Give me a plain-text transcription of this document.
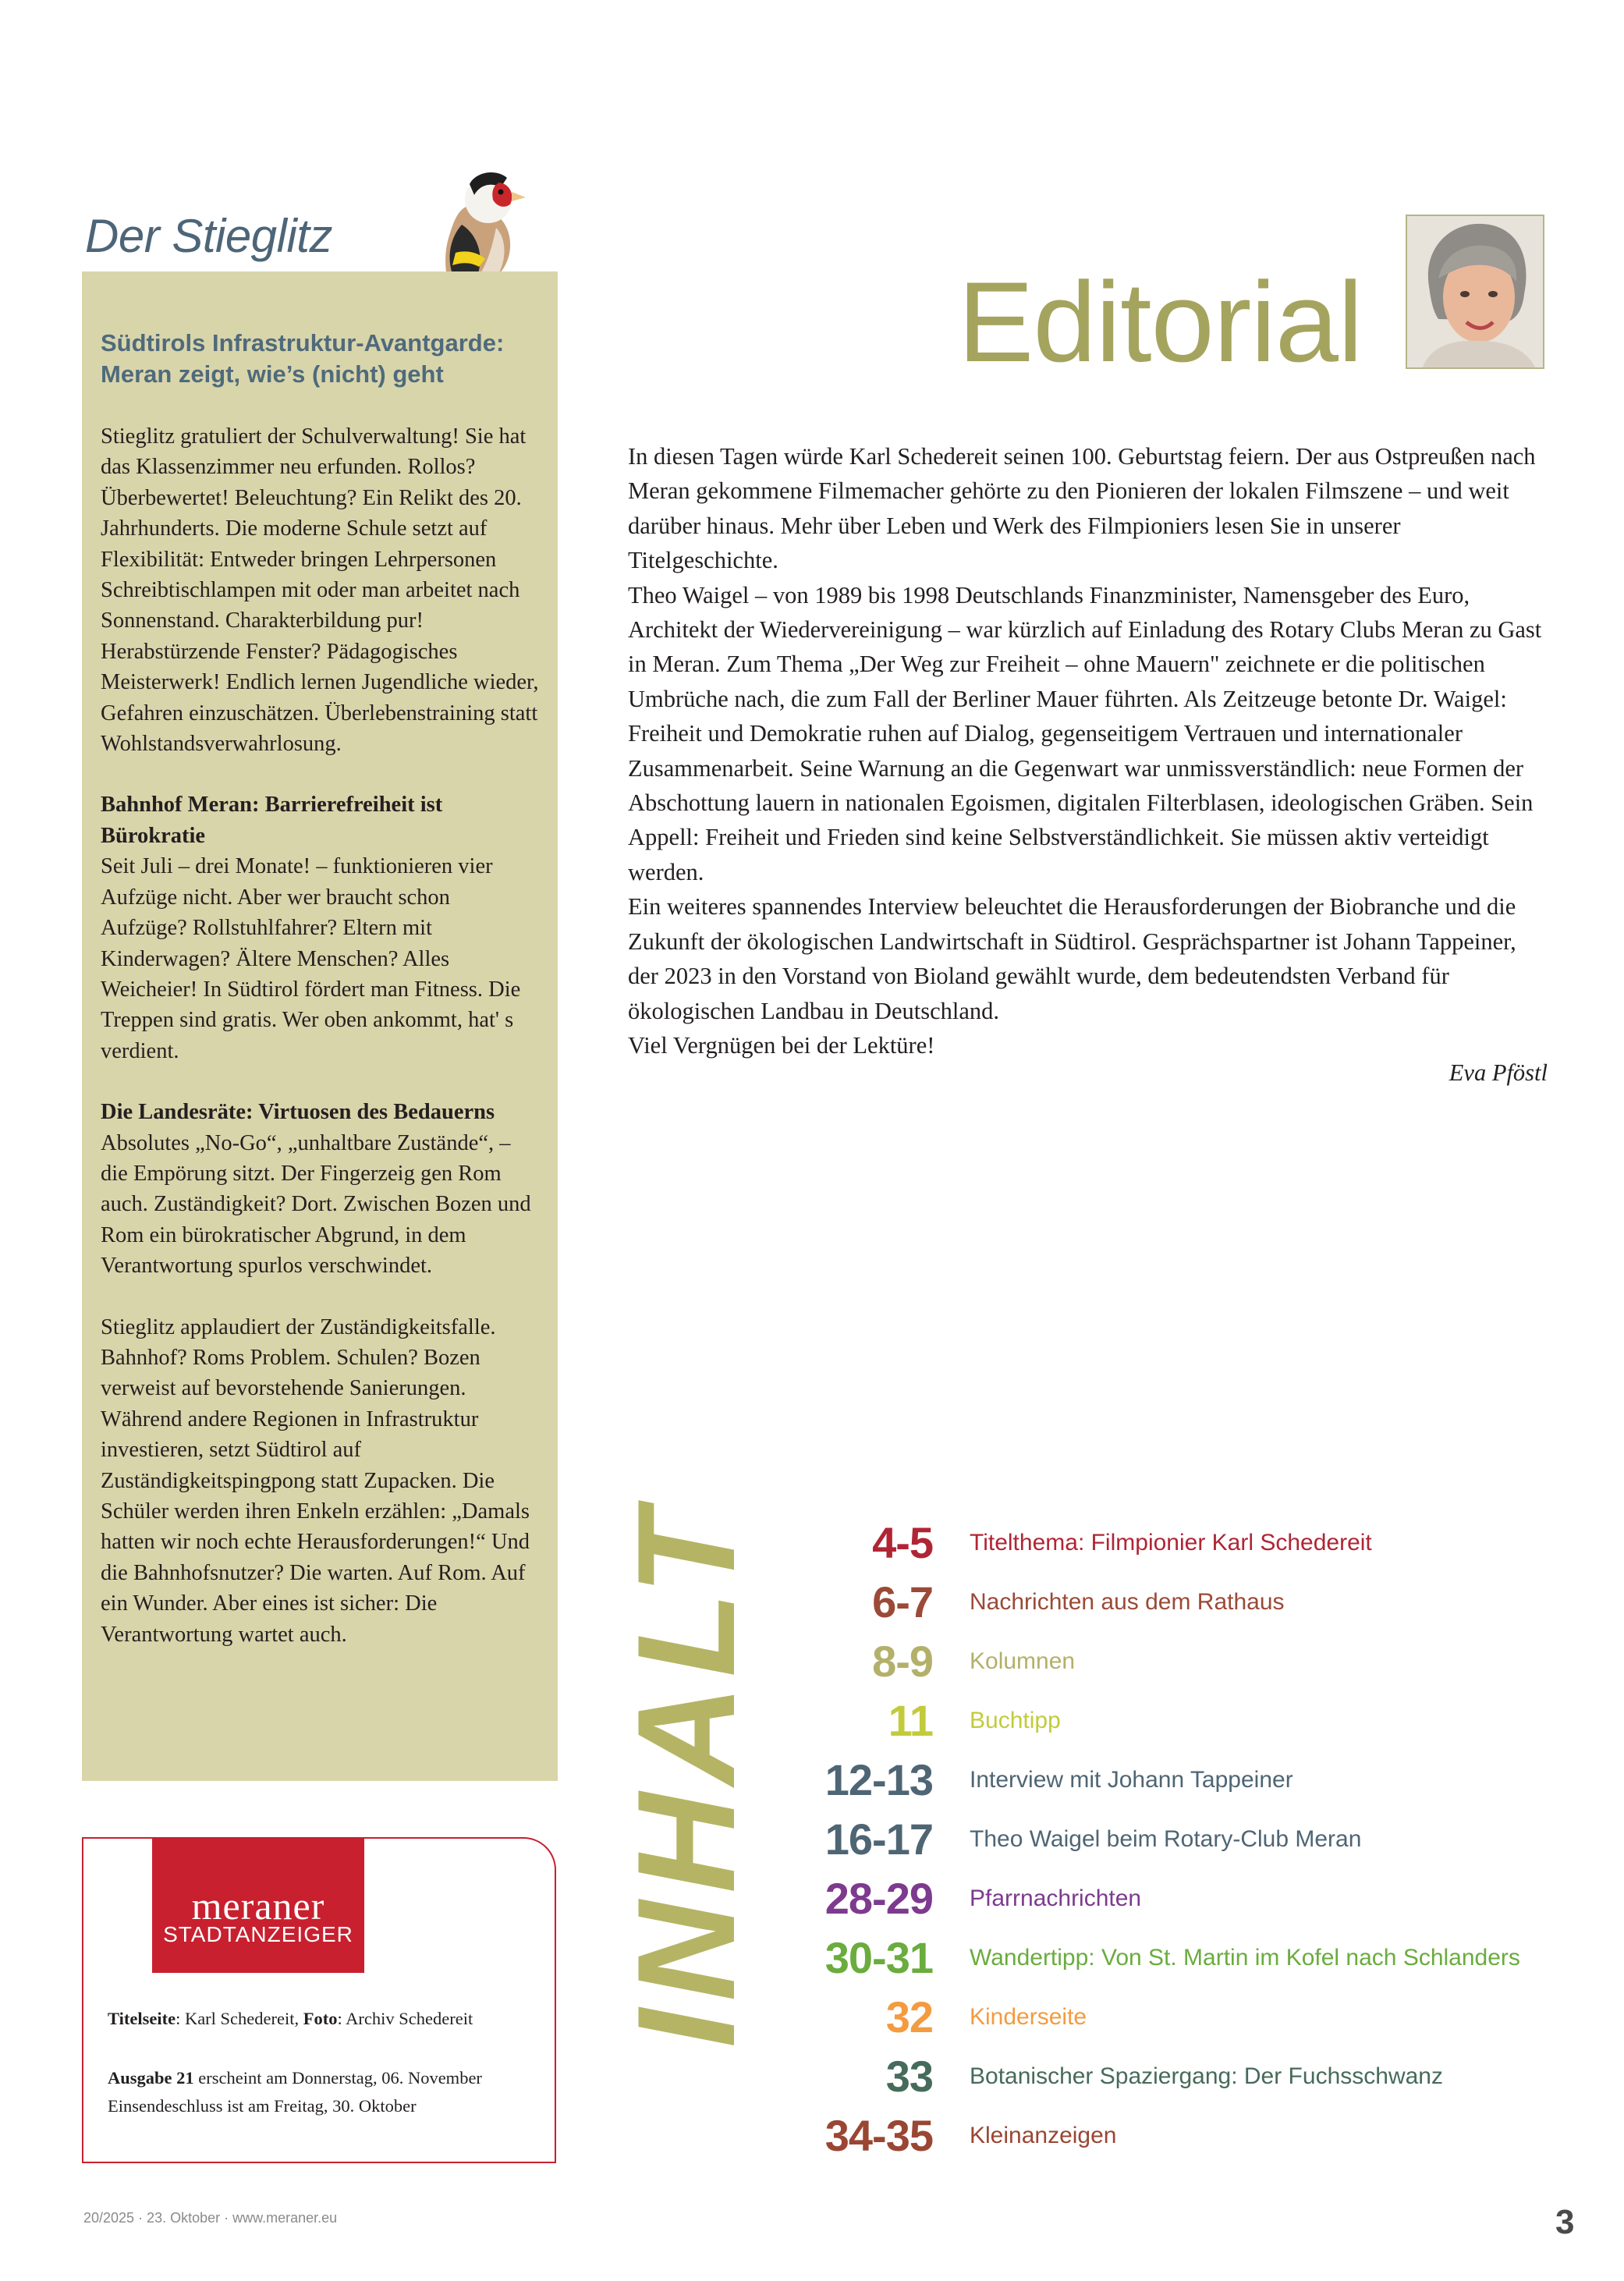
Der Stieglitz
Südtirols Infrastruktur-Avantgarde: Meran zeigt, wie’s (nicht) geht

Stieglitz gratuliert der Schulverwaltung! Sie hat das Klassenzimmer neu erfunden. Rollos? Überbewertet! Beleuchtung? Ein Relikt des 20. Jahrhunderts. Die moderne Schule setzt auf Flexibilität: Entweder bringen Lehrpersonen Schreibtischlampen mit oder man arbeitet nach Sonnenstand. Charakterbildung pur! Herabstürzende Fenster? Pädagogisches Meisterwerk! Endlich lernen Jugendliche wieder, Gefahren einzuschätzen. Überlebenstraining statt Wohlstandsverwahrlosung.

Bahnhof Meran: Barrierefreiheit ist Bürokratie
Seit Juli – drei Monate! – funktionieren vier Aufzüge nicht. Aber wer braucht schon Aufzüge? Rollstuhlfahrer? Eltern mit Kinderwagen? Ältere Menschen? Alles Weicheier! In Südtirol fördert man Fitness. Die Treppen sind gratis. Wer oben ankommt, hat' s verdient.

Die Landesräte: Virtuosen des Bedauerns
Absolutes „No-Go“, „unhaltbare Zustände“, – die Empörung sitzt. Der Fingerzeig gen Rom auch. Zuständigkeit? Dort. Zwischen Bozen und Rom ein bürokratischer Abgrund, in dem Verantwortung spurlos verschwindet.

Stieglitz applaudiert der Zuständigkeitsfalle. Bahnhof? Roms Problem. Schulen? Bozen verweist auf bevorstehende Sanierungen. Während andere Regionen in Infrastruktur investieren, setzt Südtirol auf Zuständigkeitspingpong statt Zupacken. Die Schüler werden ihren Enkeln erzählen: „Damals hatten wir noch echte Herausforderungen!“ Und die Bahnhofsnutzer? Die warten. Auf Rom. Auf ein Wunder. Aber eines ist sicher: Die Verantwortung wartet auch.

meraner
STADTANZEIGER
Titelseite: Karl Schedereit, Foto: Archiv Schedereit
Ausgabe 21 erscheint am Donnerstag, 06. November
Einsendeschluss ist am Freitag, 30. Oktober
Editorial

In diesen Tagen würde Karl Schedereit seinen 100. Geburtstag feiern. Der aus Ostpreußen nach Meran gekommene Filmemacher gehörte zu den Pionieren der lokalen Filmszene – und weit darüber hinaus. Mehr über Leben und Werk des Filmpioniers lesen Sie in unserer Titelgeschichte.

Theo Waigel – von 1989 bis 1998 Deutschlands Finanzminister, Namensgeber des Euro, Architekt der Wiedervereinigung – war kürzlich auf Einladung des Rotary Clubs Meran zu Gast in Meran. Zum Thema „Der Weg zur Freiheit – ohne Mauern" zeichnete er die politischen Umbrüche nach, die zum Fall der Berliner Mauer führten. Als Zeitzeuge betonte Dr. Waigel: Freiheit und Demokratie ruhen auf Dialog, gegenseitigem Vertrauen und internationaler Zusammenarbeit. Seine Warnung an die Gegenwart war unmissverständlich: neue Formen der Abschottung lauern in nationalen Egoismen, digitalen Filterblasen, ideologischen Gräben. Sein Appell: Freiheit und Frieden sind keine Selbstverständlichkeit. Sie müssen aktiv verteidigt werden.

Ein weiteres spannendes Interview beleuchtet die Herausforderungen der Biobranche und die Zukunft der ökologischen Landwirtschaft in Südtirol. Gesprächspartner ist Johann Tappeiner, der 2023 in den Vorstand von Bioland gewählt wurde, dem bedeutendsten Verband für ökologischen Landbau in Deutschland.

Viel Vergnügen bei der Lektüre!

Eva Pföstl
INHALT	4-5 Titelthema: Filmpionier Karl Schedereit
6-7 Nachrichten aus dem Rathaus
8-9 Kolumnen
11 Buchtipp
12-13 Interview mit Johann Tappeiner
16-17 Theo Waigel beim Rotary-Club Meran
28-29 Pfarrnachrichten
30-31 Wandertipp: Von St. Martin im Kofel nach Schlanders
32 Kinderseite
33 Botanischer Spaziergang: Der Fuchsschwanz
34-35 Kleinanzeigen
20/2025 · 23. Oktober · www.meraner.eu	3
